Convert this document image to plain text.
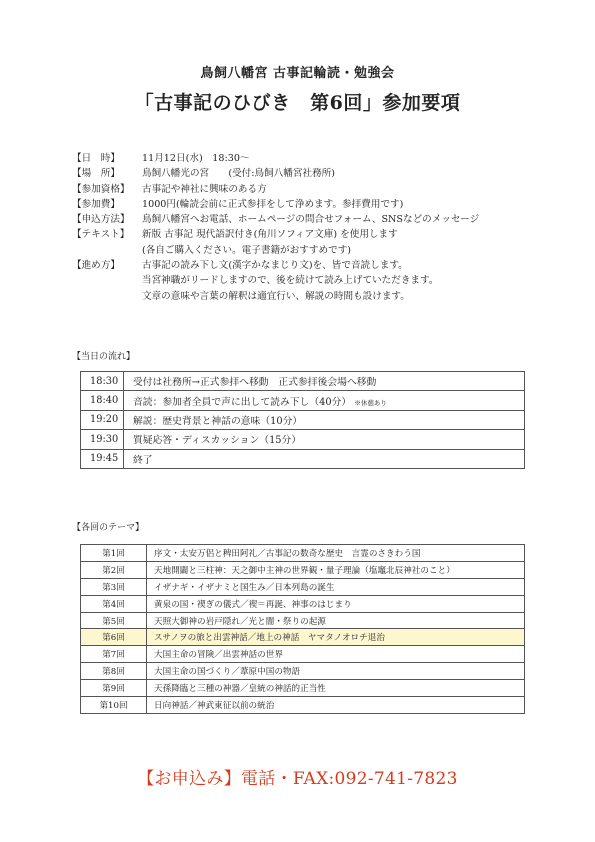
鳥飼八幡宮 古事記輪読・勉強会
「古事記のひびき　第6回」参加要項
【日　時】	11月12日(水)　18:30〜
【場　所】	鳥飼八幡光の宮　　(受付:鳥飼八幡宮社務所)
【参加資格】	古事記や神社に興味のある方
【参加費】	1000円(輪読会前に正式参拝をして浄めます。参拝費用です)
【申込方法】	鳥飼八幡宮へお電話、ホームページの問合せフォーム、SNSなどのメッセージ
【テキスト】	新版 古事記 現代語訳付き(角川ソフィア文庫) を使用します
(各自ご購入ください。電子書籍がおすすめです)
【進め方】	古事記の読み下し文(漢字かなまじり文)を、皆で音読します。
当宮神職がリードしますので、後を続けて読み上げていただきます。
文章の意味や言葉の解釈は適宜行い、解説の時間も設けます。
【当日の流れ】
18:30	受付は社務所→正式参拝へ移動　正式参拝後会場へ移動
18:40	音読：参加者全員で声に出して読み下し（40分） ※休憩あり
19:20	解説：歴史背景と神話の意味（10分）
19:30	質疑応答・ディスカッション（15分）
19:45	終了
【各回のテーマ】
第1回	序文・太安万侶と稗田阿礼／古事記の数奇な歴史　言霊のさきわう国
第2回	天地開闢と三柱神：天之御中主神の世界観・量子理論（塩竈北辰神社のこと）
第3回	イザナギ・イザナミと国生み／日本列島の誕生
第4回	黄泉の国・禊ぎの儀式／禊＝再誕、神事のはじまり
第5回	天照大御神の岩戸隠れ／光と闇・祭りの起源
第6回	スサノヲの旅と出雲神話／地上の神話　ヤマタノオロチ退治
第7回	大国主命の冒険／出雲神話の世界
第8回	大国主命の国づくり／葦原中国の物語
第9回	天孫降臨と三種の神器／皇統の神話的正当性
第10回	日向神話／神武東征以前の統治
【お申込み】電話・FAX:092-741-7823
